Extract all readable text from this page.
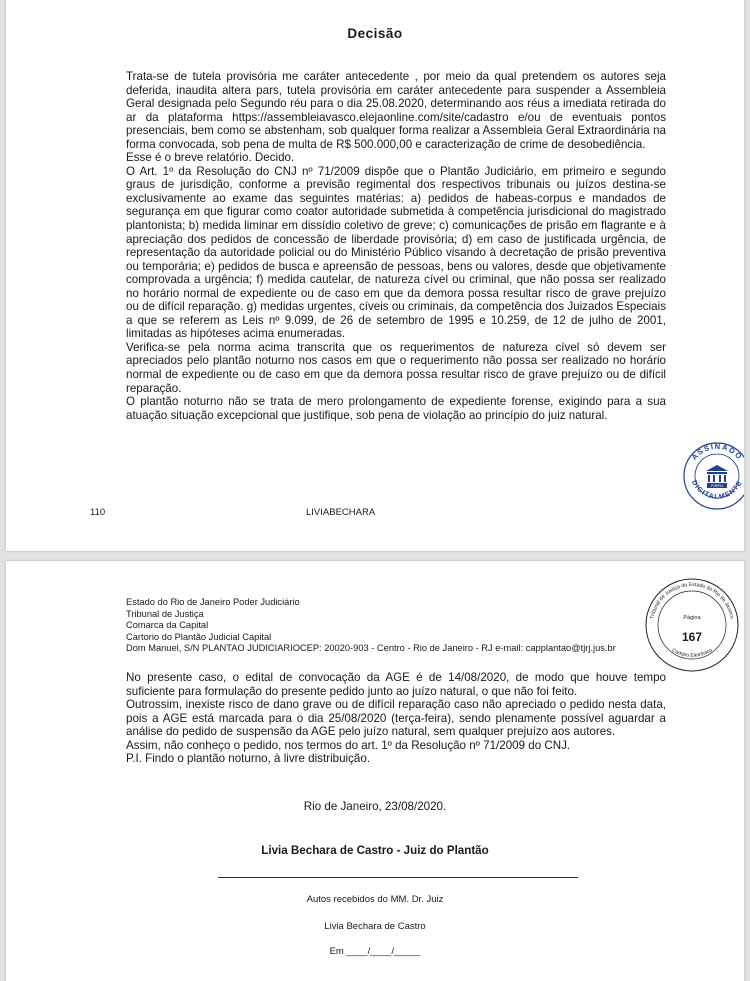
Decisão

Trata-se de tutela provisória me caráter antecedente , por meio da qual pretendem os autores seja deferida, inaudita altera pars, tutela provisória em caráter antecedente para suspender a Assembleia Geral designada pelo Segundo réu para o dia 25.08.2020, determinando aos réus a imediata retirada do ar da plataforma https://assembleiavasco.elejaonline.com/site/cadastro e/ou de eventuais pontos presenciais, bem como se abstenham, sob qualquer forma realizar a Assembleia Geral Extraordinária na forma convocada, sob pena de multa de R$ 500.000,00 e caracterização de crime de desobediência.

Esse é o breve relatório. Decido.

O Art. 1º da Resolução do CNJ nº 71/2009 dispõe que o Plantão Judiciário, em primeiro e segundo graus de jurisdição, conforme a previsão regimental dos respectivos tribunais ou juízos destina-se exclusivamente ao exame das seguintes matérias: a) pedidos de habeas-corpus e mandados de segurança em que figurar como coator autoridade submetida à competência jurisdicional do magistrado plantonista; b) medida liminar em dissídio coletivo de greve; c) comunicações de prisão em flagrante e à apreciação dos pedidos de concessão de liberdade provisória; d) em caso de justificada urgência, de representação da autoridade policial ou do Ministério Público visando à decretação de prisão preventiva ou temporária; e) pedidos de busca e apreensão de pessoas, bens ou valores, desde que objetivamente comprovada a urgência; f) medida cautelar, de natureza cível ou criminal, que não possa ser realizado no horário normal de expediente ou de caso em que da demora possa resultar risco de grave prejuízo ou de difícil reparação. g) medidas urgentes, cíveis ou criminais, da competência dos Juizados Especiais a que se referem as Leis nº 9.099, de 26 de setembro de 1995 e 10.259, de 12 de julho de 2001, limitadas as hipóteses acima enumeradas.

Verifica-se pela norma acima transcrita que os requerimentos de natureza cível só devem ser apreciados pelo plantão noturno nos casos em que o requerimento não possa ser realizado no horário normal de expediente ou de caso em que da demora possa resultar risco de grave prejuízo ou de difícil reparação.

O plantão noturno não se trata de mero prolongamento de expediente forense, exigindo para a sua atuação situação excepcional que justifique, sob pena de violação ao princípio do juiz natural.

ASSINADO
DIGITALMENTE
PJERJ
110	LIVIABECHARA
Estado do Rio de Janeiro Poder Judiciário
Tribunal de Justiça
Comarca da Capital
Cartorio do Plantão Judicial Capital
Dom Manuel, S/N PLANTAO JUDICIARIOCEP: 20020-903 - Centro - Rio de Janeiro - RJ e-mail: capplantao@tjrj.jus.br
Tribunal de Justiça do Estado do Rio de Janeiro
Cartório Eletrônico
Página
167

No presente caso, o edital de convocação da AGE é de 14/08/2020, de modo que houve tempo suficiente para formulação do presente pedido junto ao juízo natural, o que não foi feito.

Outrossim, inexiste risco de dano grave ou de difícil reparação caso não apreciado o pedido nesta data, pois a AGE está marcada para o dia 25/08/2020 (terça-feira), sendo plenamente possível aguardar a análise do pedido de suspensão da AGE pelo juízo natural, sem qualquer prejuízo aos autores.

Assim, não conheço o pedido, nos termos do art. 1º da Resolução nº 71/2009 do CNJ.

P.I. Findo o plantão noturno, à livre distribuição.

Rio de Janeiro, 23/08/2020.
Livia Bechara de Castro - Juiz do Plantão
Autos recebidos do MM. Dr. Juiz
Livia Bechara de Castro
Em ____/____/_____
